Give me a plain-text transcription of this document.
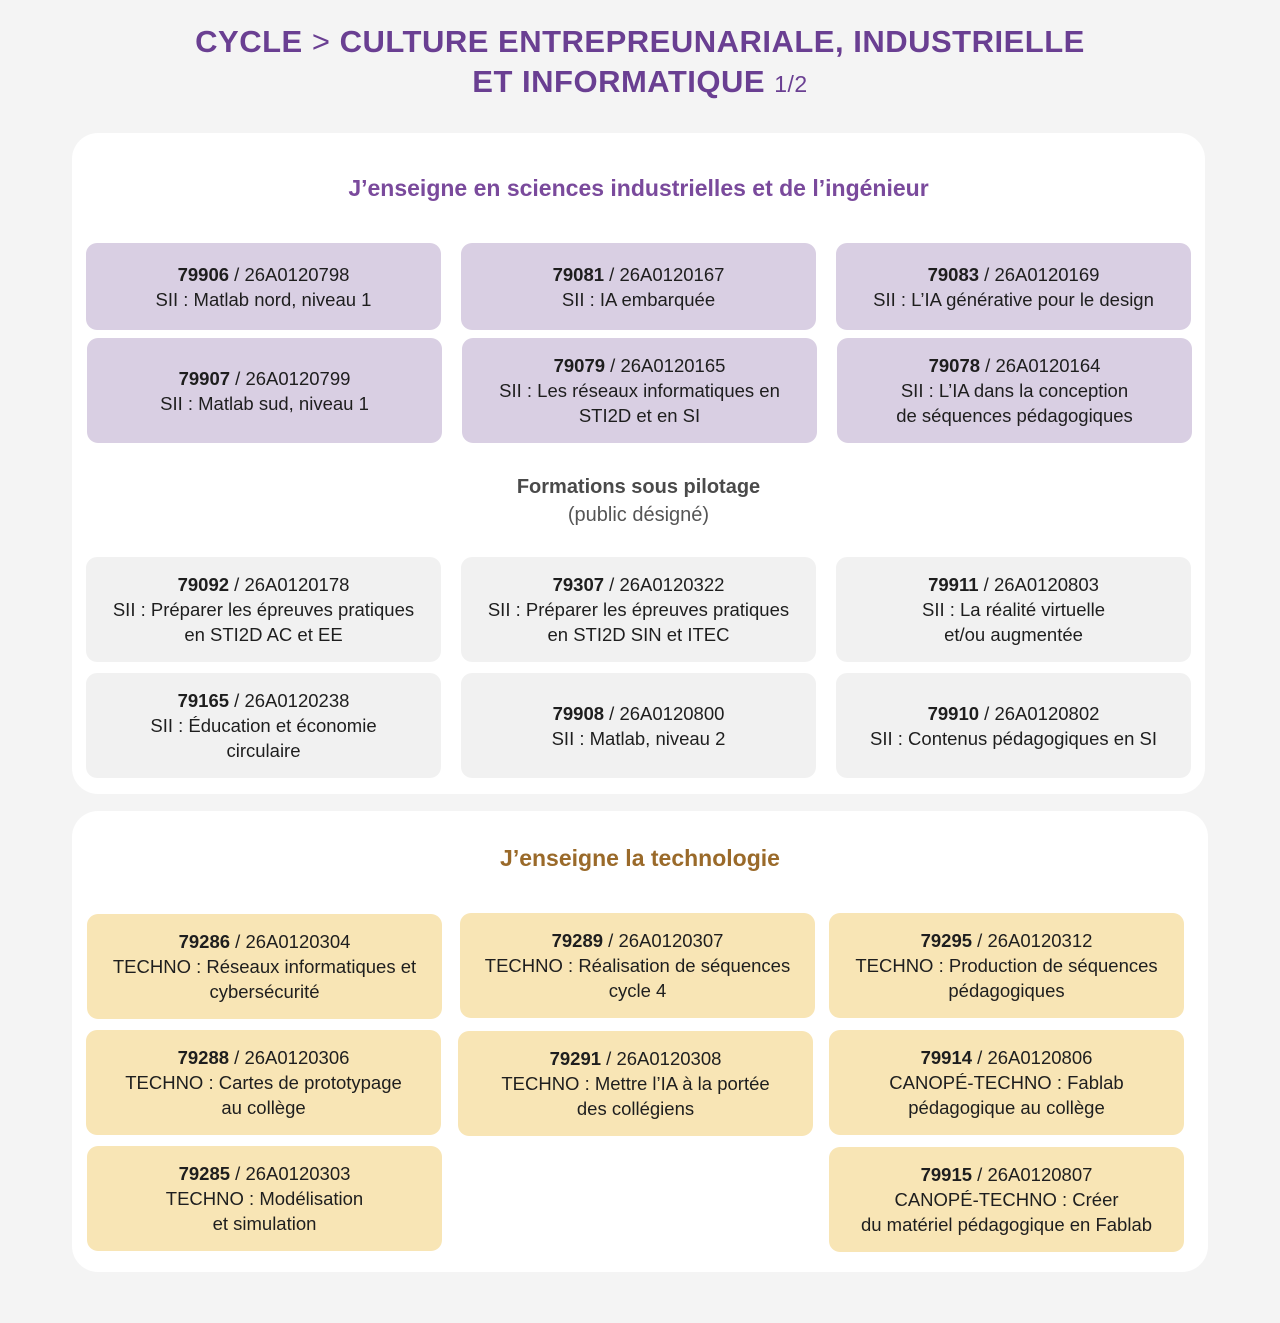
CYCLE > CULTURE ENTREPREUNARIALE, INDUSTRIELLE
ET INFORMATIQUE 1/2
J’enseigne en sciences industrielles et de l’ingénieur
79906 / 26A0120798
SII : Matlab nord, niveau 1
79081 / 26A0120167
SII : IA embarquée
79083 / 26A0120169
SII : L’IA générative pour le design
79907 / 26A0120799
SII : Matlab sud, niveau 1
79079 / 26A0120165
SII : Les réseaux informatiques en
STI2D et en SI
79078 / 26A0120164
SII : L’IA dans la conception
de séquences pédagogiques
Formations sous pilotage
(public désigné)
79092 / 26A0120178
SII : Préparer les épreuves pratiques
en STI2D AC et EE
79307 / 26A0120322
SII : Préparer les épreuves pratiques
en STI2D SIN et ITEC
79911 / 26A0120803
SII : La réalité virtuelle
et/ou augmentée
79165 / 26A0120238
SII : Éducation et économie
circulaire
79908 / 26A0120800
SII : Matlab, niveau 2
79910 / 26A0120802
SII : Contenus pédagogiques en SI
J’enseigne la technologie
79286 / 26A0120304
TECHNO : Réseaux informatiques et
cybersécurité
79289 / 26A0120307
TECHNO : Réalisation de séquences
cycle 4
79295 / 26A0120312
TECHNO : Production de séquences
pédagogiques
79288 / 26A0120306
TECHNO : Cartes de prototypage
au collège
79291 / 26A0120308
TECHNO : Mettre l’IA à la portée
des collégiens
79914 / 26A0120806
CANOPÉ-TECHNO : Fablab
pédagogique au collège
79285 / 26A0120303
TECHNO : Modélisation
et simulation
79915 / 26A0120807
CANOPÉ-TECHNO : Créer
du matériel pédagogique en Fablab
